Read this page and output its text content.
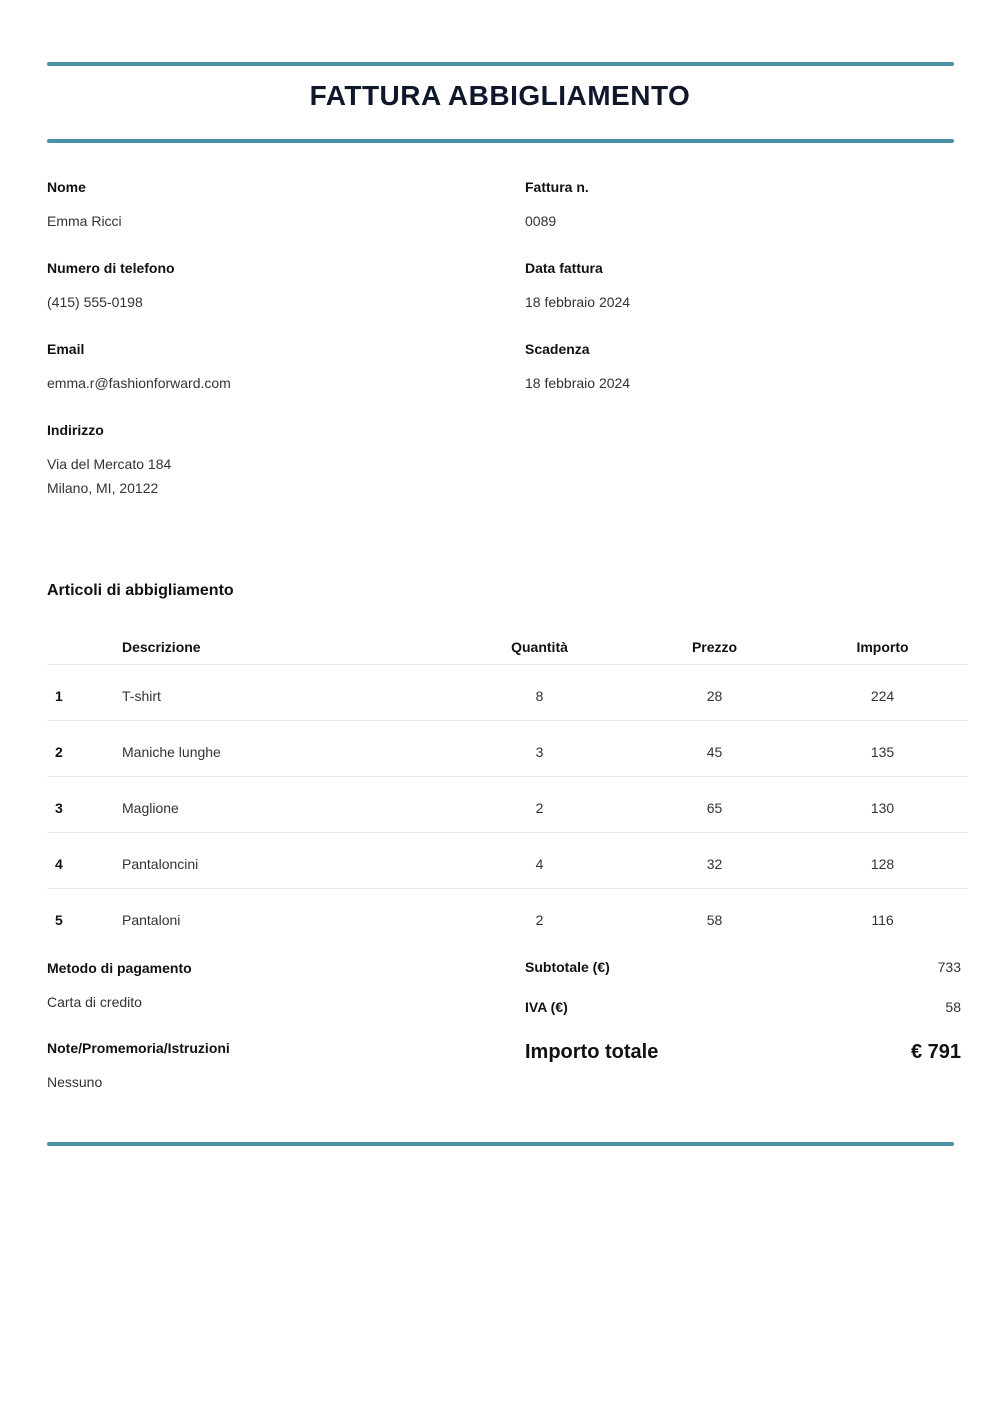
FATTURA ABBIGLIAMENTO
Nome
Emma Ricci
Numero di telefono
(415) 555-0198
Email
emma.r@fashionforward.com
Indirizzo
Via del Mercato 184
Milano, MI, 20122
Fattura n.
0089
Data fattura
18 febbraio 2024
Scadenza
18 febbraio 2024
Articoli di abbigliamento
	Descrizione	Quantità	Prezzo	Importo
1	T-shirt	8	28	224
2	Maniche lunghe	3	45	135
3	Maglione	2	65	130
4	Pantaloncini	4	32	128
5	Pantaloni	2	58	116
Metodo di pagamento
Carta di credito
Note/Promemoria/Istruzioni
Nessuno
Subtotale (€)	733
IVA (€)	58
Importo totale	€ 791
